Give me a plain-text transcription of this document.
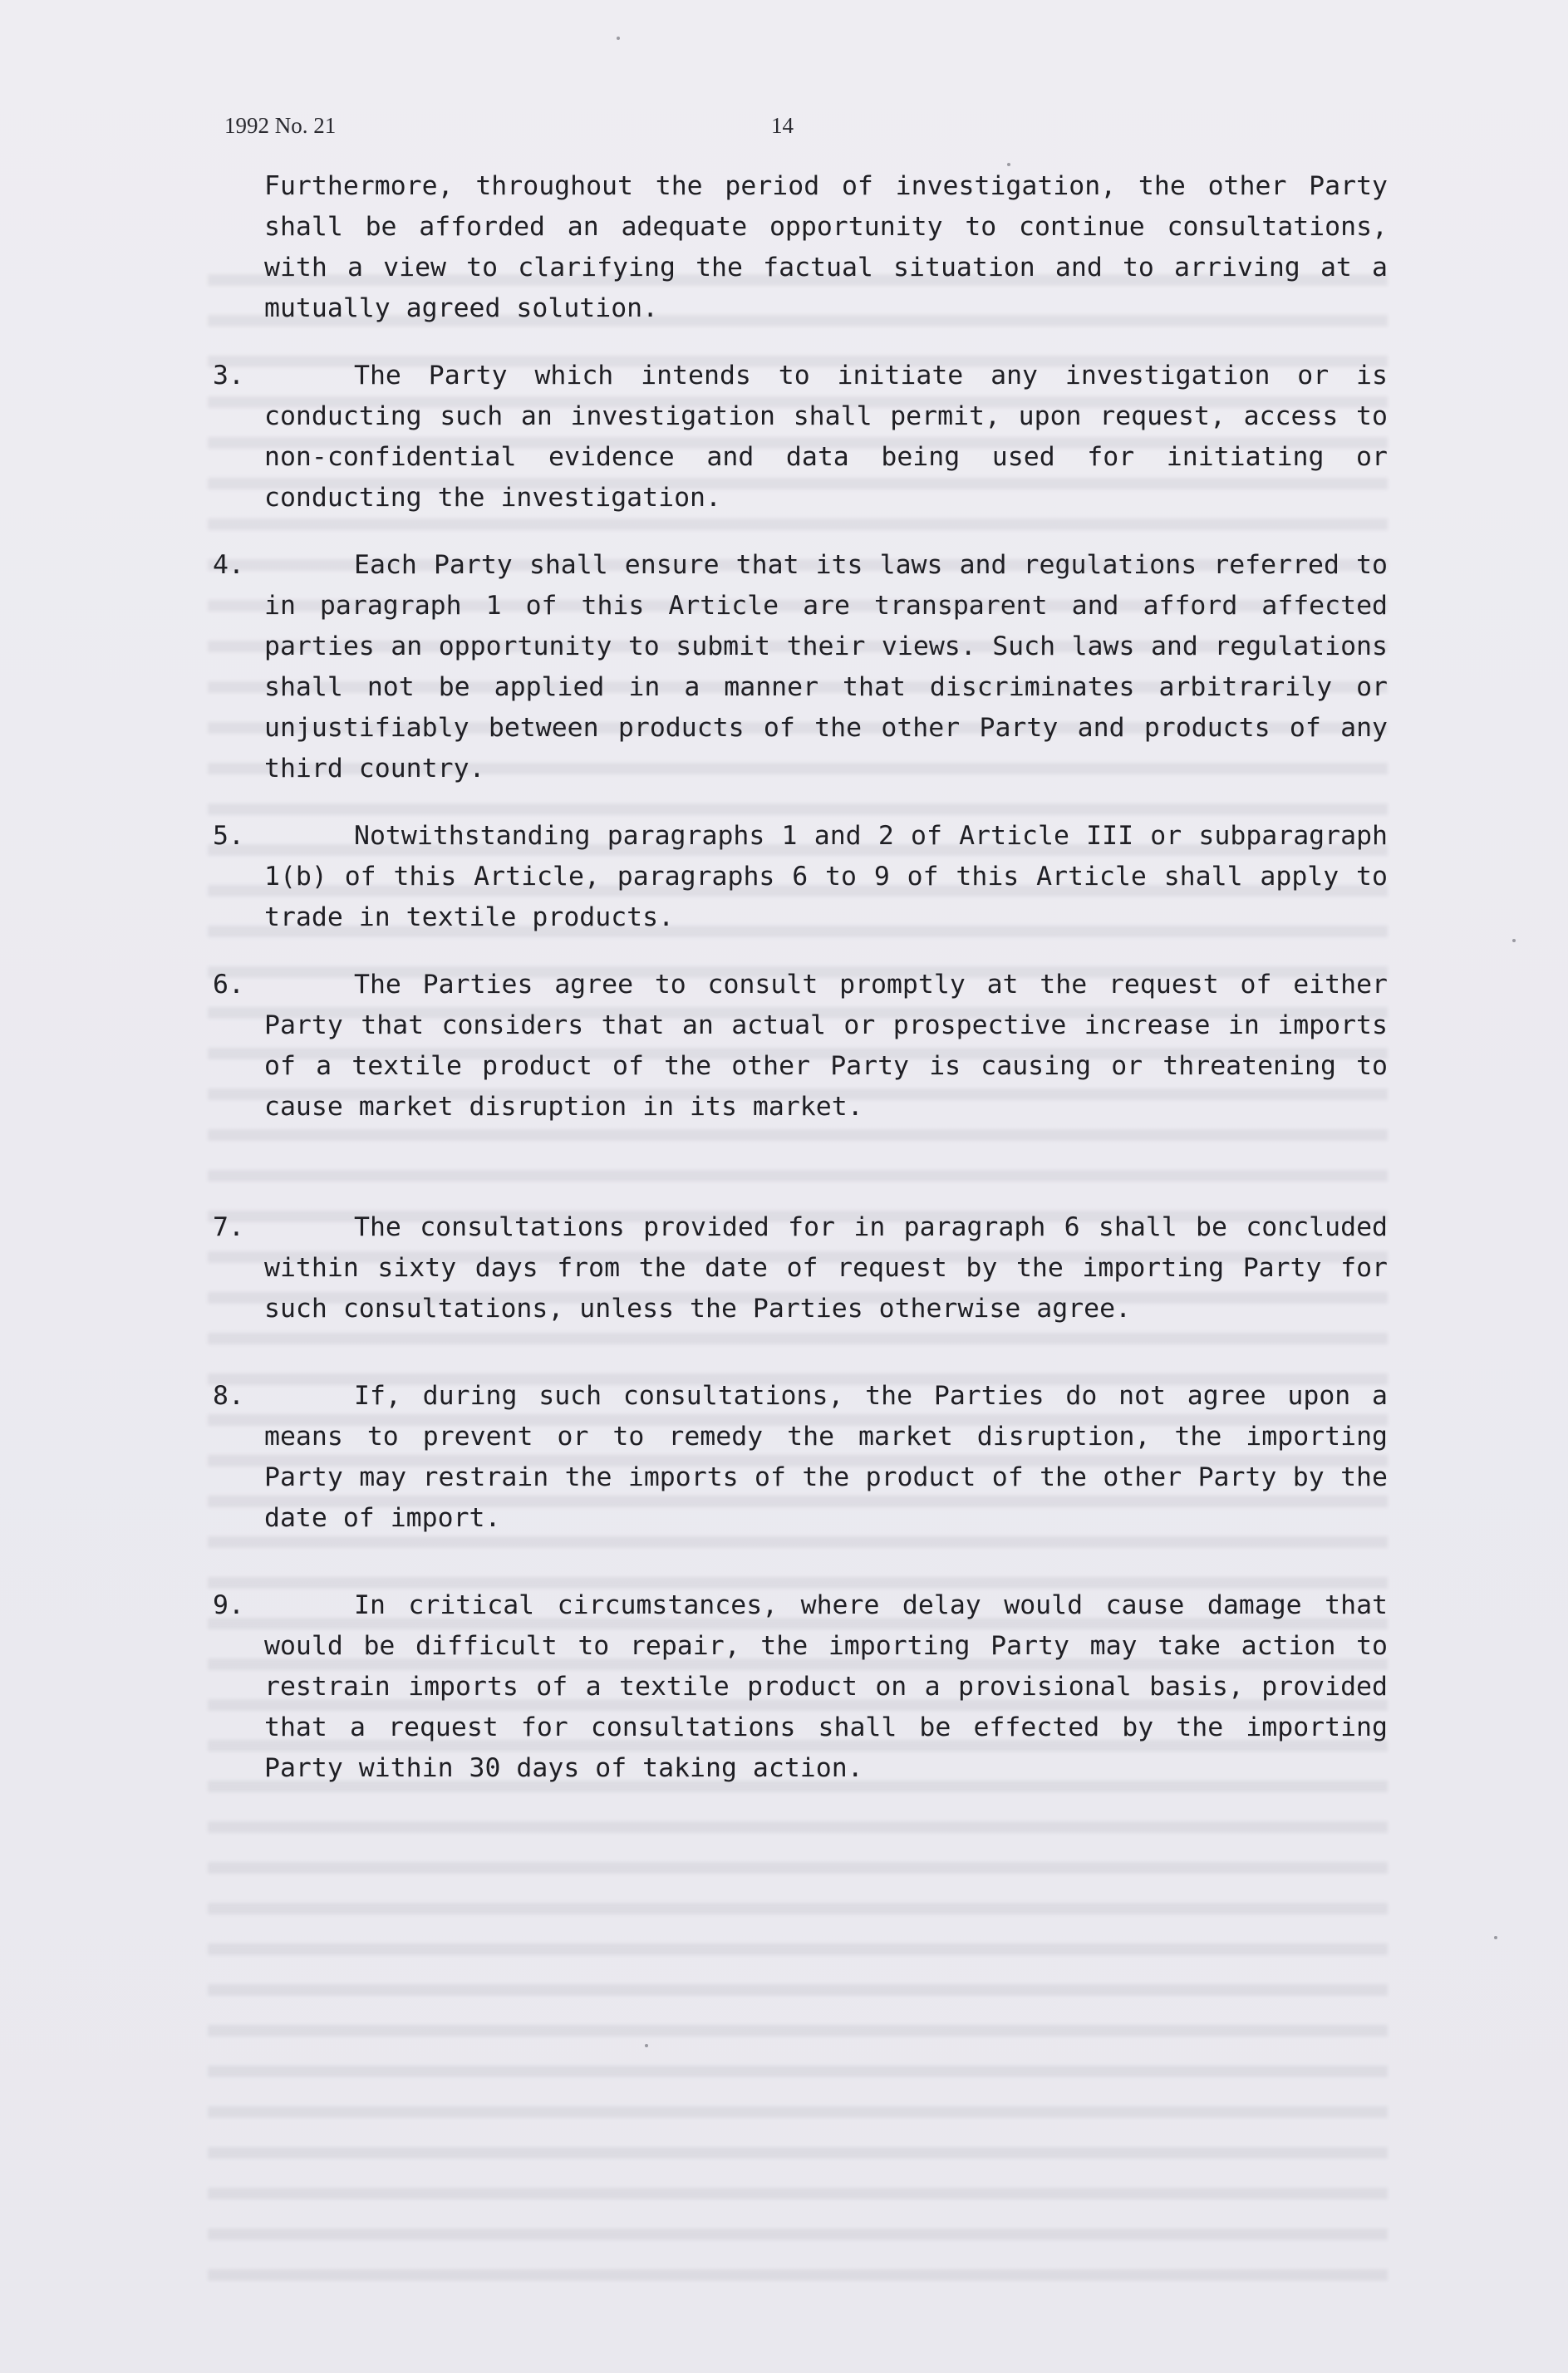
1992 No. 21	14

Furthermore, throughout the period of investigation, the other Party shall be afforded an adequate opportunity to continue consultations, with a view to clarifying the factual situation and to arriving at a mutually agreed solution.

3.	The Party which intends to initiate any investigation or is conducting such an investigation shall permit, upon request, access to non-confidential evidence and data being used for initiating or conducting the investigation.

4.	Each Party shall ensure that its laws and regulations referred to in paragraph 1 of this Article are transparent and afford affected parties an opportunity to submit their views. Such laws and regulations shall not be applied in a manner that discriminates arbitrarily or unjustifiably between products of the other Party and products of any third country.

5.	Notwithstanding paragraphs 1 and 2 of Article III or subparagraph 1(b) of this Article, paragraphs 6 to 9 of this Article shall apply to trade in textile products.

6.	The Parties agree to consult promptly at the request of either Party that considers that an actual or prospective increase in imports of a textile product of the other Party is causing or threatening to cause market disruption in its market.

7.	The consultations provided for in paragraph 6 shall be concluded within sixty days from the date of request by the importing Party for such consultations, unless the Parties otherwise agree.

8.	If, during such consultations, the Parties do not agree upon a means to prevent or to remedy the market disruption, the importing Party may restrain the imports of the product of the other Party by the date of import.

9.	In critical circumstances, where delay would cause damage that would be difficult to repair, the importing Party may take action to restrain imports of a textile product on a provisional basis, provided that a request for consultations shall be effected by the importing Party within 30 days of taking action.
